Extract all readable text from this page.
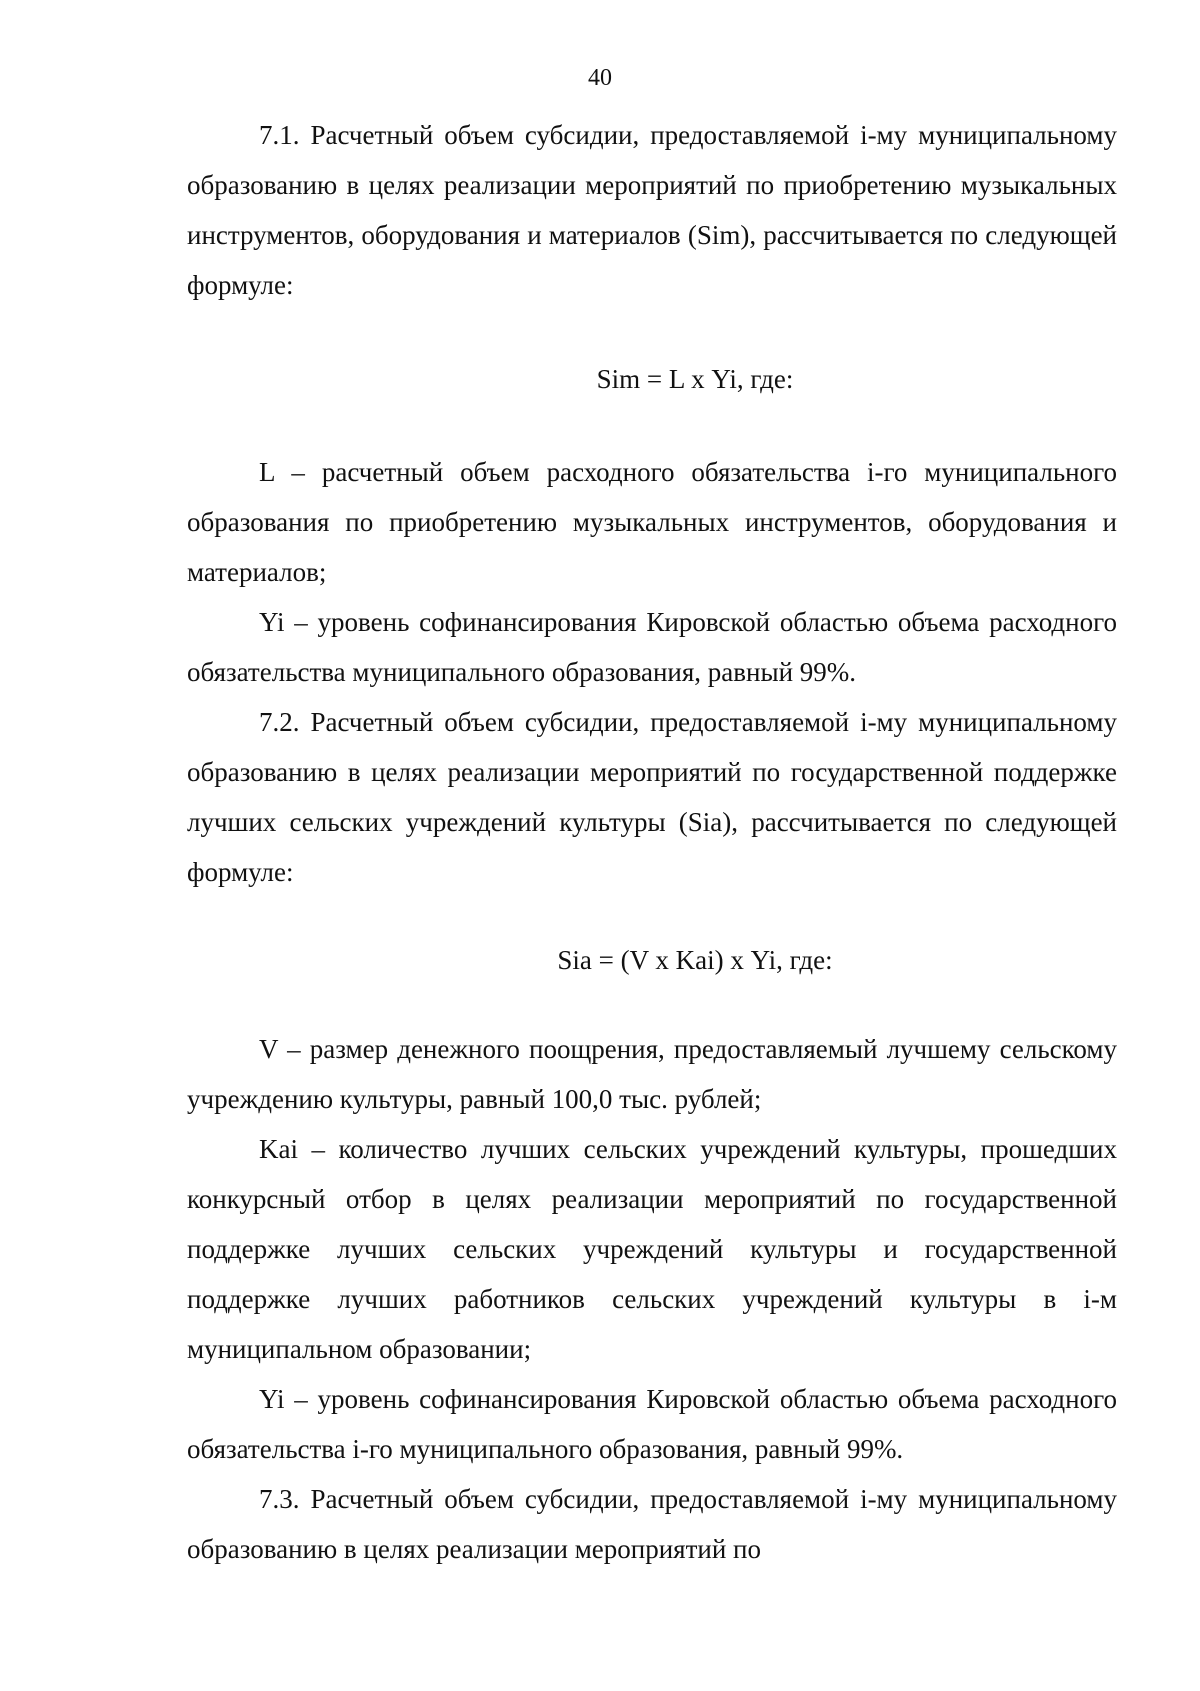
40

7.1. Расчетный объем субсидии, предоставляемой i-му муниципальному образованию в целях реализации мероприятий по приобретению музыкальных инструментов, оборудования и материалов (Sim), рассчитывается по следующей формуле:

Sim = L х Yi, где:

L – расчетный объем расходного обязательства i-го муниципального образования по приобретению музыкальных инструментов, оборудования и материалов;

Yi – уровень софинансирования Кировской областью объема расходного обязательства муниципального образования, равный 99%.

7.2. Расчетный объем субсидии, предоставляемой i-му муниципальному образованию в целях реализации мероприятий по государственной поддержке лучших сельских учреждений культуры (Sia), рассчитывается по следующей формуле:

Sia = (V х Kai) х Yi, где:

V – размер денежного поощрения, предоставляемый лучшему сельскому учреждению культуры, равный 100,0 тыс. рублей;

Kai – количество лучших сельских учреждений культуры, прошедших конкурсный отбор в целях реализации мероприятий по государственной поддержке лучших сельских учреждений культуры и государственной поддержке лучших работников сельских учреждений культуры в i-м муниципальном образовании;

Yi – уровень софинансирования Кировской областью объема расходного обязательства i-го муниципального образования, равный 99%.

7.3. Расчетный объем субсидии, предоставляемой i-му муниципальному образованию в целях реализации мероприятий по
